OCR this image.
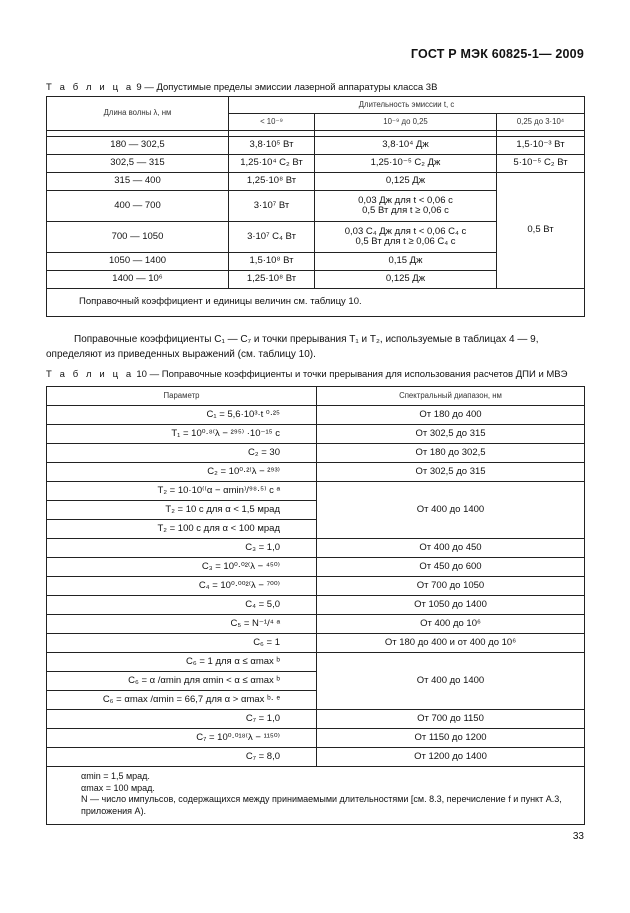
ГОСТ Р МЭК 60825-1— 2009
Т а б л и ц а 9 — Допустимые пределы эмиссии лазерной аппаратуры класса 3В
Длина волны λ, нм	Длительность эмиссии t, с			
	< 10⁻⁹	10⁻⁹ до 0,25	0,25 до 3·10⁴	

180 — 302,5	3,8·10⁵ Вт	3,8·10⁴ Дж	1,5·10⁻³ Вт	
302,5 — 315	1,25·10⁴ C₂ Вт	1,25·10⁻⁵ C₂ Дж	5·10⁻⁵ C₂ Вт	
315 — 400	1,25·10⁸ Вт	0,125 Дж	0,5 Вт	
400 — 700	3·10⁷ Вт	0,03 Дж для t < 0,06 с
0,5 Вт для t ≥ 0,06 с		

700 — 1050	3·10⁷ C₄ Вт	0,03 C₄ Дж для t < 0,06 C₄ с
0,5 Вт для t ≥ 0,06 C₄ с		

1050 — 1400	1,5·10⁸ Вт	0,15 Дж		
1400 — 10⁶	1,25·10⁸ Вт	0,125 Дж		
Поправочный коэффициент и единицы величин см. таблицу 10.				
Поправочные коэффициенты C₁ — C₇ и точки прерывания T₁ и T₂, используемые в таблицах 4 — 9, определяют из приведенных выражений (см. таблицу 10).
Т а б л и ц а 10 — Поправочные коэффициенты и точки прерывания для использования расчетов ДПИ и МВЭ
Параметр	Спектральный диапазон, нм
C₁ = 5,6·10³·t ⁰·²⁵	От 180 до 400
T₁ = 10⁰·⁸⁽λ − ²⁹⁵⁾ ·10⁻¹⁵ с	От 302,5 до 315
C₂ = 30	От 180 до 302,5
C₂ = 10⁰·²⁽λ − ²⁹³⁾	От 302,5 до 315
T₂ = 10·10⁽⁽α − αmin⁾/⁹⁸·⁵⁾ с ᵃ	От 400 до 1400
T₂ = 10 с для α < 1,5 мрад	
T₂ = 100 с для α < 100 мрад	
C₃ = 1,0	От 400 до 450
C₃ = 10⁰·⁰²⁽λ − ⁴⁵⁰⁾	От 450 до 600
C₄ = 10⁰·⁰⁰²⁽λ − ⁷⁰⁰⁾	От 700 до 1050
C₄ = 5,0	От 1050 до 1400
C₅ = N⁻¹/⁴ ᵃ	От 400 до 10⁶
C₆ = 1	От 180 до 400 и от 400 до 10⁶
C₆ = 1 для α ≤ αmax ᵇ	От 400 до 1400
C₆ = α /αmin для αmin < α ≤ αmax ᵇ	
C₆ = αmax /αmin = 66,7 для α > αmax ᵇ· ᵉ	
C₇ = 1,0	От 700 до 1150
C₇ = 10⁰·⁰¹⁸⁽λ − ¹¹⁵⁰⁾	От 1150 до 1200
C₇ = 8,0	От 1200 до 1400

αmin = 1,5 мрад.
αmax = 100 мрад.
N — число импульсов, содержащихся между принимаемыми длительностями [см. 8.3, перечисление f и пункт А.3, приложения А).	
33
